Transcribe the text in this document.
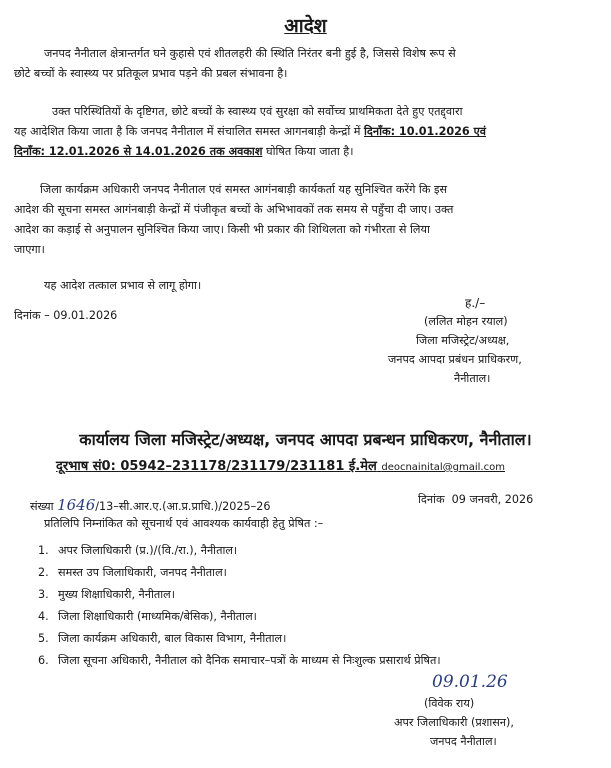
आदेश
जनपद नैनीताल क्षेत्रान्तर्गत घने कुहासे एवं शीतलहरी की स्थिति निरंतर बनी हुई है, जिससे विशेष रूप से
छोटे बच्चों के स्वास्थ्य पर प्रतिकूल प्रभाव पड़ने की प्रबल संभावना है।
उक्त परिस्थितियों के दृष्टिगत, छोटे बच्चों के स्वास्थ्य एवं सुरक्षा को सर्वोच्च प्राथमिकता देते हुए एतद्द्वारा
यह आदेशित किया जाता है कि जनपद नैनीताल में संचालित समस्त आगनबाड़ी केन्द्रों में दिनाँक: 10.01.2026 एवं
दिनाँक: 12.01.2026 से 14.01.2026 तक अवकाश घोषित किया जाता है।
जिला कार्यक्रम अधिकारी जनपद नैनीताल एवं समस्त आगंनबाड़ी कार्यकर्ता यह सुनिश्चित करेंगे कि इस
आदेश की सूचना समस्त आगंनबाड़ी केन्द्रों में पंजीकृत बच्चों के अभिभावकों तक समय से पहुँचा दी जाए। उक्त
आदेश का कड़ाई से अनुपालन सुनिश्चित किया जाए। किसी भी प्रकार की शिथिलता को गंभीरता से लिया
जाएगा।
यह आदेश तत्काल प्रभाव से लागू होगा।
दिनांक – 09.01.2026
ह./–
(ललित मोहन रयाल)
जिला मजिस्ट्रेट/अध्यक्ष,
जनपद आपदा प्रबंधन प्राधिकरण,
नैनीताल।
कार्यालय जिला मजिस्ट्रेट/अध्यक्ष, जनपद आपदा प्रबन्धन प्राधिकरण, नैनीताल।
दूरभाष सं0: 05942–231178/231179/231181 ई.मेल deocnainital@gmail.com
संख्या 1646/13–सी.आर.ए.(आ.प्र.प्राधि.)/2025–26
दिनांक 09 जनवरी, 2026
प्रतिलिपि निम्नांकित को सूचनार्थ एवं आवश्यक कार्यवाही हेतु प्रेषित :–
1. अपर जिलाधिकारी (प्र.)/(वि./रा.), नैनीताल।
2. समस्त उप जिलाधिकारी, जनपद नैनीताल।
3. मुख्य शिक्षाधिकारी, नैनीताल।
4. जिला शिक्षाधिकारी (माध्यमिक/बेसिक), नैनीताल।
5. जिला कार्यक्रम अधिकारी, बाल विकास विभाग, नैनीताल।
6. जिला सूचना अधिकारी, नैनीताल को दैनिक समाचार–पत्रों के माध्यम से निःशुल्क प्रसारार्थ प्रेषित।
09.01.26
(विवेक राय)
अपर जिलाधिकारी (प्रशासन),
जनपद नैनीताल।
